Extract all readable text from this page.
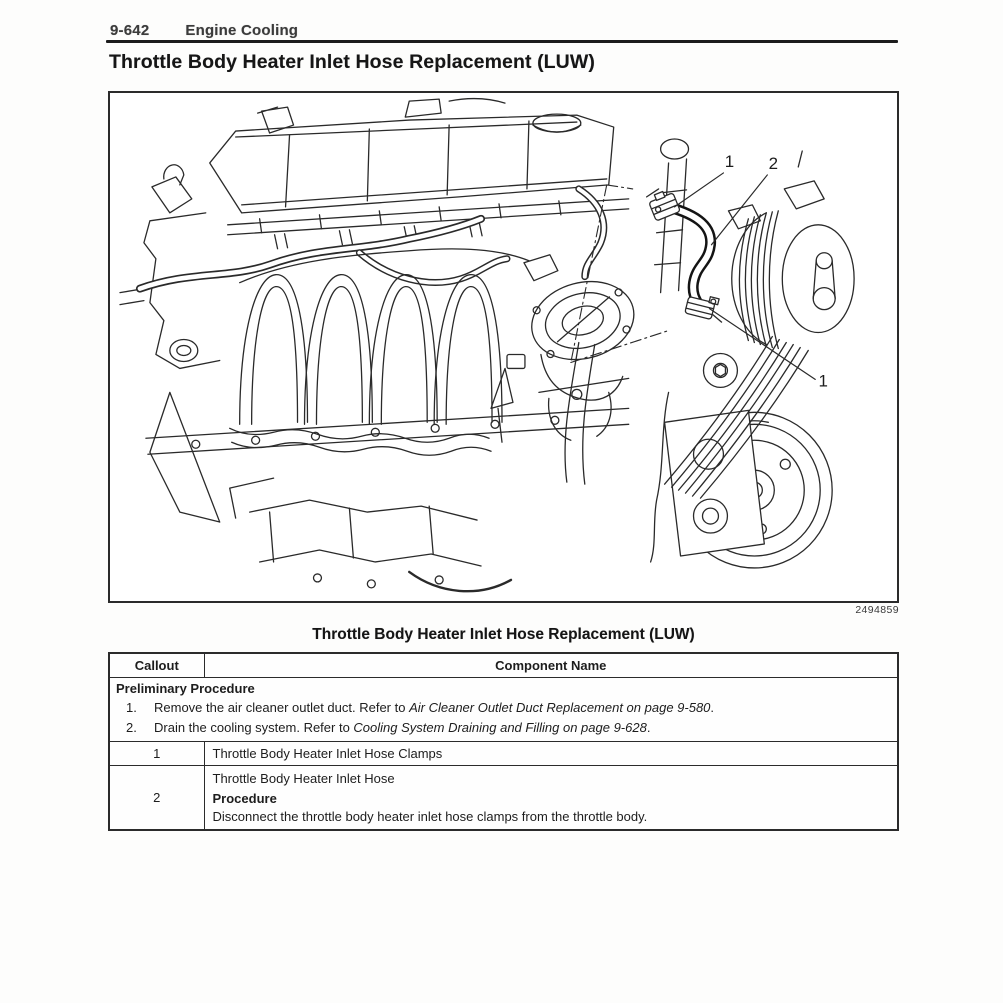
9-642 Engine Cooling
Throttle Body Heater Inlet Hose Replacement (LUW)
1 2
1
2494859
Throttle Body Heater Inlet Hose Replacement (LUW)
Callout	Component Name

Preliminary Procedure
1. Remove the air cleaner outlet duct. Refer to Air Cleaner Outlet Duct Replacement on page 9-580.
2. Drain the cooling system. Refer to Cooling System Draining and Filling on page 9-628.	

1	Throttle Body Heater Inlet Hose Clamps
2	Throttle Body Heater Inlet Hose
Procedure
Disconnect the throttle body heater inlet hose clamps from the throttle body.
